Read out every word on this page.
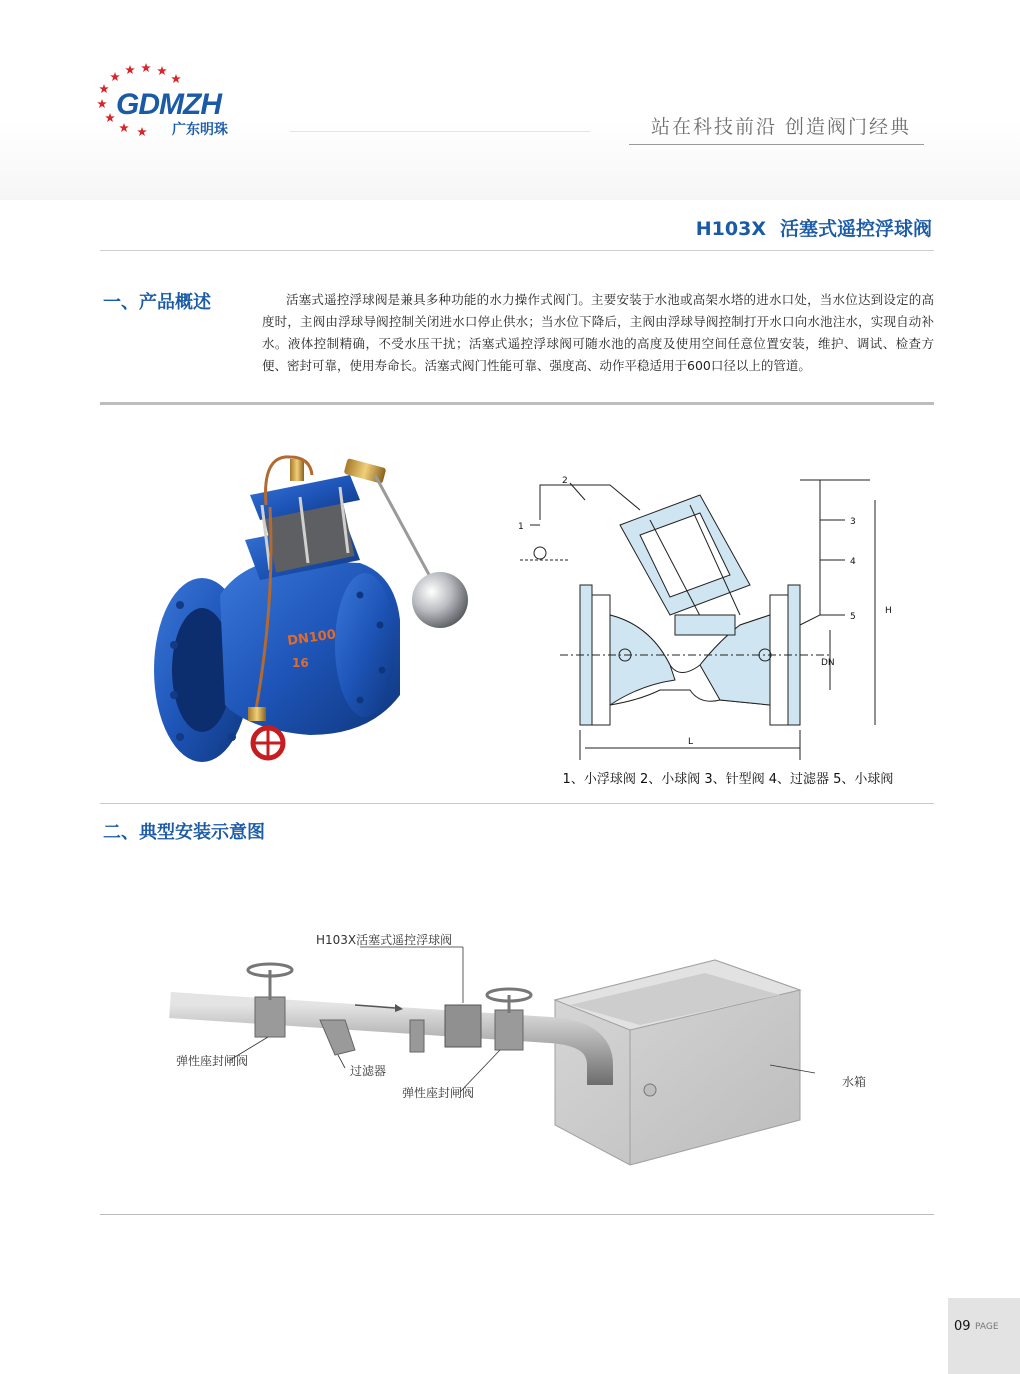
GDMZH
广东明珠	站在科技前沿 创造阀门经典
H103X 活塞式遥控浮球阀
一、产品概述	活塞式遥控浮球阀是兼具多种功能的水力操作式阀门。主要安装于水池或高架水塔的进水口处，当水位达到设定的高度时，主阀由浮球导阀控制关闭进水口停止供水；当水位下降后，主阀由浮球导阀控制打开水口向水池注水，实现自动补水。液体控制精确，不受水压干扰；活塞式遥控浮球阀可随水池的高度及使用空间任意位置安装，维护、调试、检查方便、密封可靠，使用寿命长。活塞式阀门性能可靠、强度高、动作平稳适用于600口径以上的管道。
DN100
16
1
2
3
4
5
H
DN
L
1、小浮球阀 2、小球阀 3、针型阀 4、过滤器 5、小球阀
二、典型安装示意图
H103X活塞式遥控浮球阀
弹性座封闸阀
过滤器
弹性座封闸阀
水箱
09 PAGE
